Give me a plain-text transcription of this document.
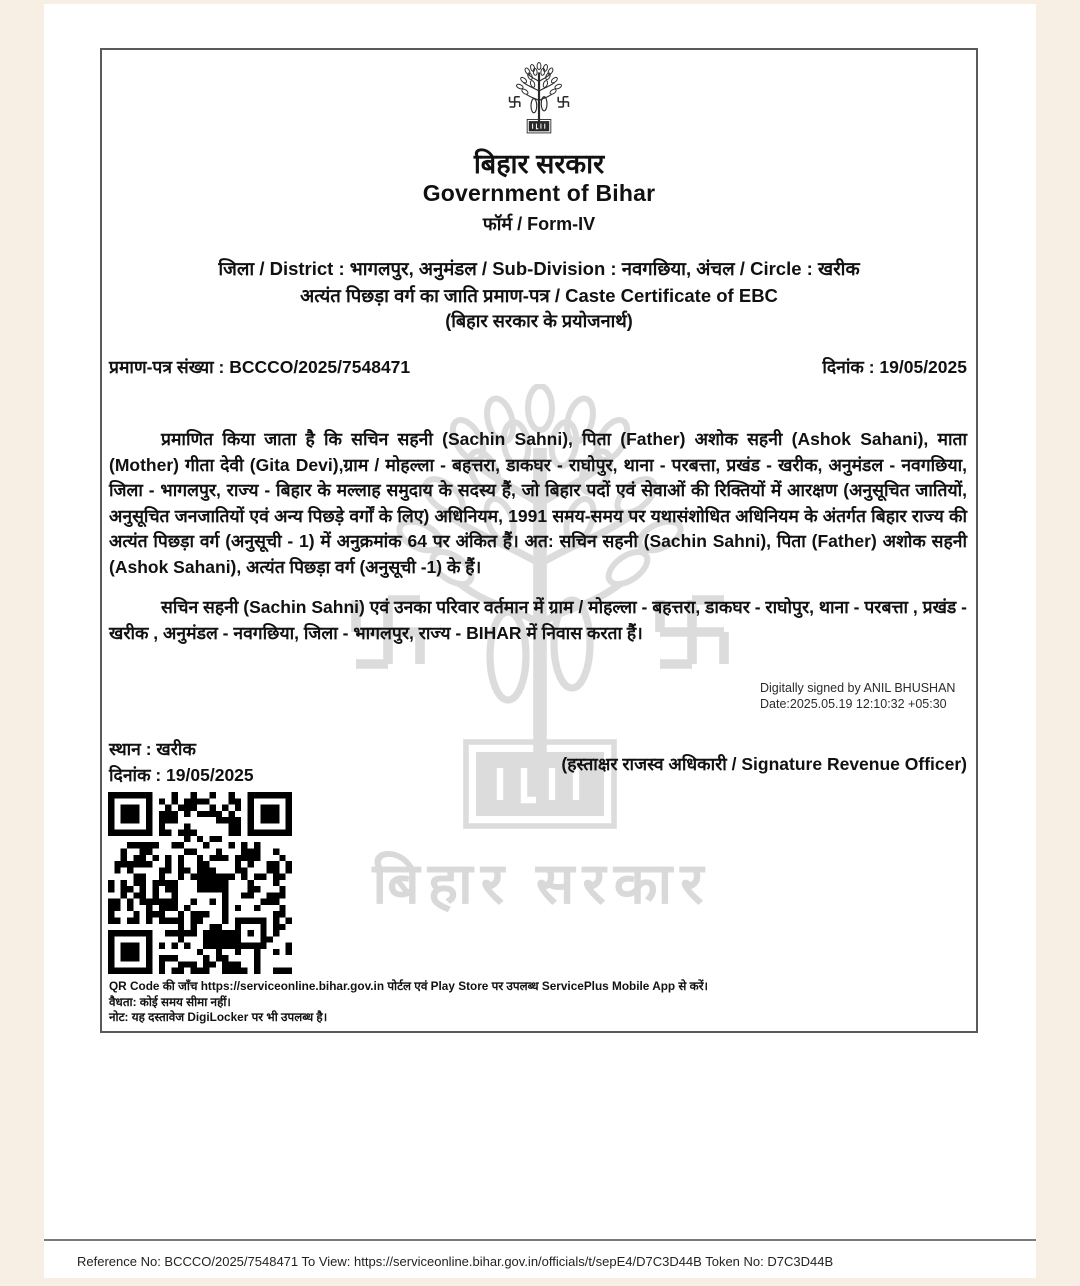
बिहार सरकार
बिहार सरकार
Government of Bihar
फॉर्म / Form-IV
जिला / District : भागलपुर, अनुमंडल / Sub-Division : नवगछिया, अंचल / Circle : खरीक
अत्यंत पिछड़ा वर्ग का जाति प्रमाण-पत्र / Caste Certificate of EBC
(बिहार सरकार के प्रयोजनार्थ)
प्रमाण-पत्र संख्या : BCCCO/2025/7548471	दिनांक : 19/05/2025
प्रमाणित किया जाता है कि सचिन सहनी (Sachin Sahni), पिता (Father) अशोक सहनी (Ashok Sahani), माता (Mother) गीता देवी (Gita Devi),ग्राम / मोहल्ला - बहत्तरा, डाकघर - राघोपुर, थाना - परबत्ता, प्रखंड - खरीक, अनुमंडल - नवगछिया, जिला - भागलपुर, राज्य - बिहार के मल्लाह समुदाय के सदस्य हैं, जो बिहार पदों एवं सेवाओं की रिक्तियों में आरक्षण (अनुसूचित जातियों, अनुसूचित जनजातियों एवं अन्य पिछड़े वर्गों के लिए) अधिनियम, 1991 समय-समय पर यथासंशोधित अधिनियम के अंतर्गत बिहार राज्य की अत्यंत पिछड़ा वर्ग (अनुसूची - 1) में अनुक्रमांक 64 पर अंकित हैं। अत: सचिन सहनी (Sachin Sahni), पिता (Father) अशोक सहनी (Ashok Sahani), अत्यंत पिछड़ा वर्ग (अनुसूची -1) के हैं।
सचिन सहनी (Sachin Sahni) एवं उनका परिवार वर्तमान में ग्राम / मोहल्ला - बहत्तरा, डाकघर - राघोपुर, थाना - परबत्ता , प्रखंड - खरीक , अनुमंडल - नवगछिया, जिला - भागलपुर, राज्य - BIHAR में निवास करता हैं।
Digitally signed by ANIL BHUSHAN
Date:2025.05.19 12:10:32 +05:30
स्थान : खरीक
दिनांक : 19/05/2025
(हस्ताक्षर राजस्व अधिकारी / Signature Revenue Officer)
QR Code की जाँच https://serviceonline.bihar.gov.in पोर्टल एवं Play Store पर उपलब्ध ServicePlus Mobile App से करें।
वैधता: कोई समय सीमा नहीं।
नोट: यह दस्तावेज DigiLocker पर भी उपलब्ध है।
Reference No: BCCCO/2025/7548471 To View: https://serviceonline.bihar.gov.in/officials/t/sepE4/D7C3D44B Token No: D7C3D44B
